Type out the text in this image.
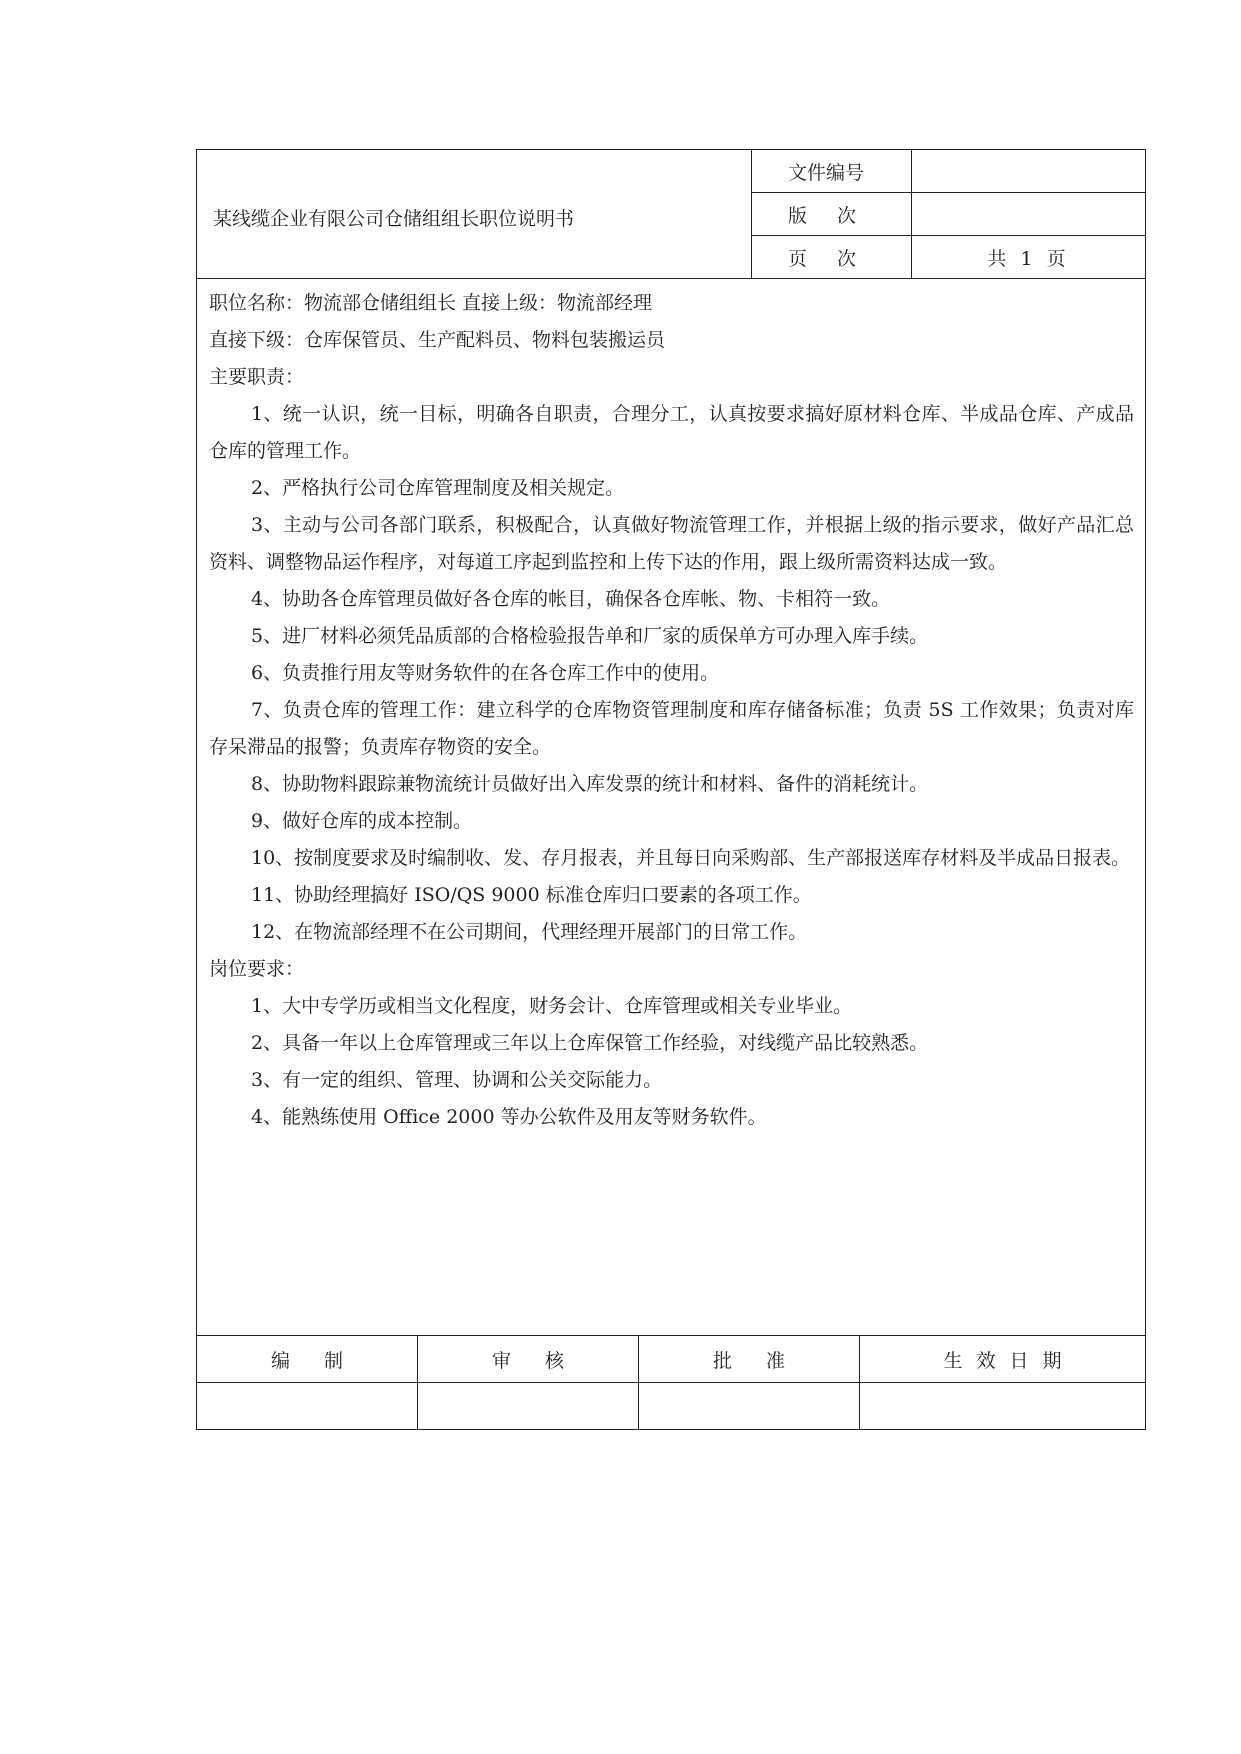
某线缆企业有限公司仓储组组长职位说明书
文件编号
版次
页次	共 1 页

职位名称：物流部仓储组组长 直接上级：物流部经理

直接下级：仓库保管员、生产配料员、物料包装搬运员

主要职责：

1、统一认识，统一目标，明确各自职责，合理分工，认真按要求搞好原材料仓库、半成品仓库、产成品仓库的管理工作。

2、严格执行公司仓库管理制度及相关规定。

3、主动与公司各部门联系，积极配合，认真做好物流管理工作，并根据上级的指示要求，做好产品汇总资料、调整物品运作程序，对每道工序起到监控和上传下达的作用，跟上级所需资料达成一致。

4、协助各仓库管理员做好各仓库的帐目，确保各仓库帐、物、卡相符一致。

5、进厂材料必须凭品质部的合格检验报告单和厂家的质保单方可办理入库手续。

6、负责推行用友等财务软件的在各仓库工作中的使用。

7、负责仓库的管理工作：建立科学的仓库物资管理制度和库存储备标准；负责 5S 工作效果；负责对库存呆滞品的报警；负责库存物资的安全。

8、协助物料跟踪兼物流统计员做好出入库发票的统计和材料、备件的消耗统计。

9、做好仓库的成本控制。

10、按制度要求及时编制收、发、存月报表，并且每日向采购部、生产部报送库存材料及半成品日报表。

11、协助经理搞好 ISO/QS 9000 标准仓库归口要素的各项工作。

12、在物流部经理不在公司期间，代理经理开展部门的日常工作。

岗位要求：

1、大中专学历或相当文化程度，财务会计、仓库管理或相关专业毕业。

2、具备一年以上仓库管理或三年以上仓库保管工作经验，对线缆产品比较熟悉。

3、有一定的组织、管理、协调和公关交际能力。

4、能熟练使用 Office 2000 等办公软件及用友等财务软件。

编制	审核	批准	生效日期
